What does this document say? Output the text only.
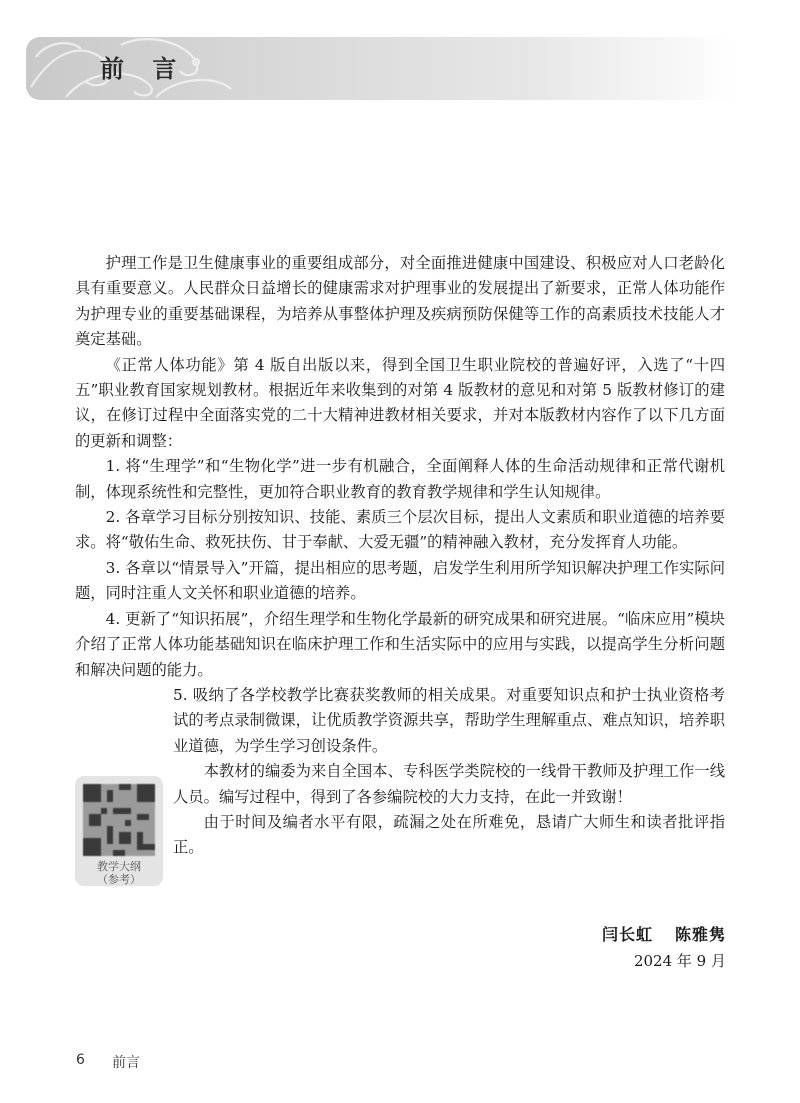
前 言

护理工作是卫生健康事业的重要组成部分，对全面推进健康中国建设、积极应对人口老龄化具有重要意义。人民群众日益增长的健康需求对护理事业的发展提出了新要求，正常人体功能作为护理专业的重要基础课程，为培养从事整体护理及疾病预防保健等工作的高素质技术技能人才奠定基础。

《正常人体功能》第 4 版自出版以来，得到全国卫生职业院校的普遍好评，入选了“十四五”职业教育国家规划教材。根据近年来收集到的对第 4 版教材的意见和对第 5 版教材修订的建议，在修订过程中全面落实党的二十大精神进教材相关要求，并对本版教材内容作了以下几方面的更新和调整：

1. 将“生理学”和“生物化学”进一步有机融合，全面阐释人体的生命活动规律和正常代谢机制，体现系统性和完整性，更加符合职业教育的教育教学规律和学生认知规律。

2. 各章学习目标分别按知识、技能、素质三个层次目标，提出人文素质和职业道德的培养要求。将“敬佑生命、救死扶伤、甘于奉献、大爱无疆”的精神融入教材，充分发挥育人功能。

3. 各章以“情景导入”开篇，提出相应的思考题，启发学生利用所学知识解决护理工作实际问题，同时注重人文关怀和职业道德的培养。

4. 更新了“知识拓展”，介绍生理学和生物化学最新的研究成果和研究进展。“临床应用”模块介绍了正常人体功能基础知识在临床护理工作和生活实际中的应用与实践，以提高学生分析问题和解决问题的能力。

5. 吸纳了各学校教学比赛获奖教师的相关成果。对重要知识点和护士执业资格考试的考点录制微课，让优质教学资源共享，帮助学生理解重点、难点知识，培养职业道德，为学生学习创设条件。

本教材的编委为来自全国本、专科医学类院校的一线骨干教师及护理工作一线人员。编写过程中，得到了各参编院校的大力支持，在此一并致谢！

由于时间及编者水平有限，疏漏之处在所难免，恳请广大师生和读者批评指正。

教学大纲
（参考）
闫长虹 陈雅隽
2024 年 9 月
6 前言
